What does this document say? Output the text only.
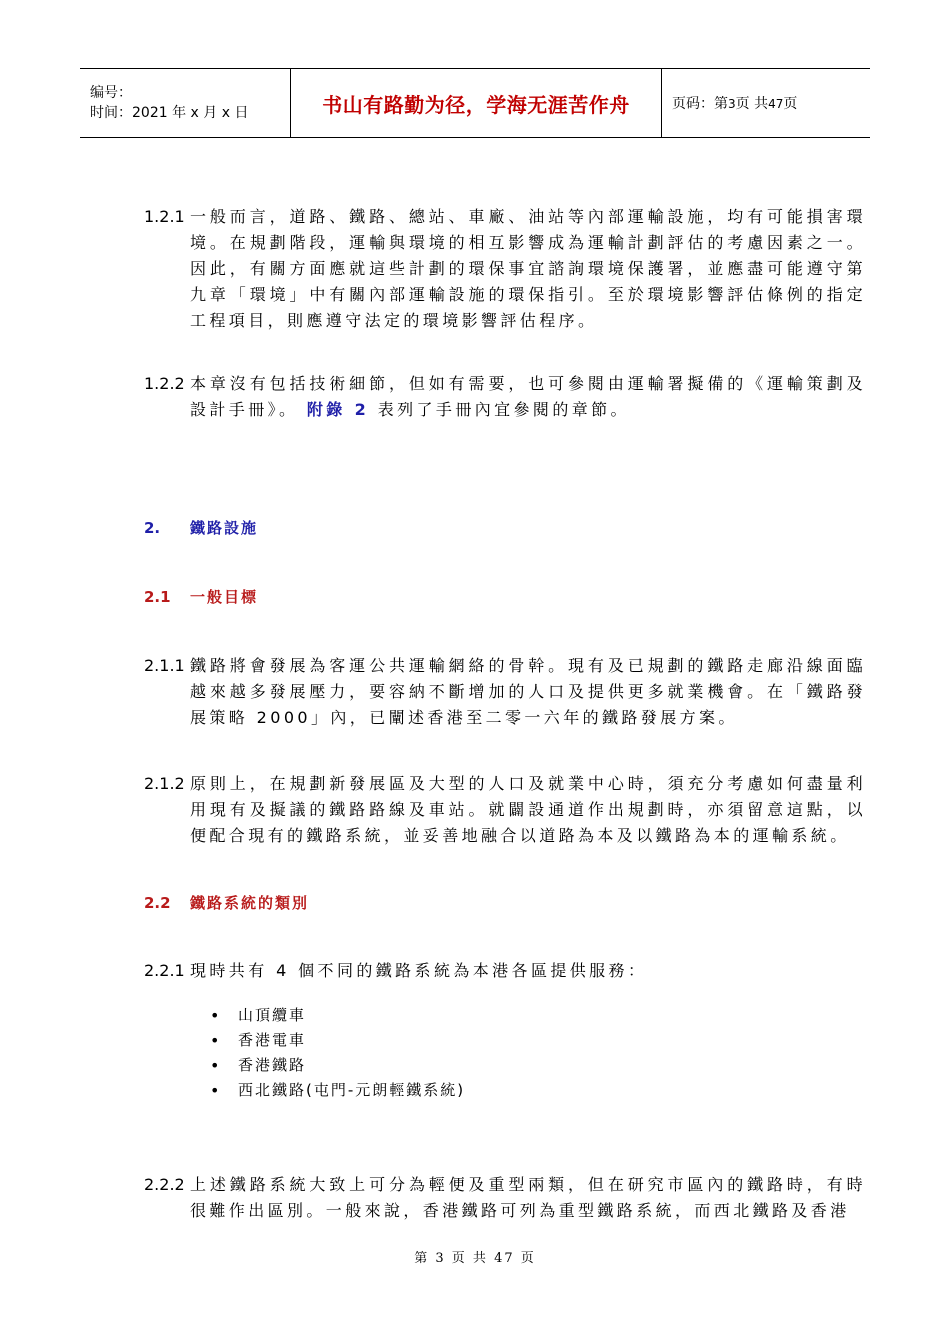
编号：
时间：2021 年 x 月 x 日	书山有路勤为径，学海无涯苦作舟	页码：第3页 共47页
1.2.1 一般而言，道路、鐵路、總站、車廠、油站等內部運輸設施，均有可能損害環境。在規劃階段，運輸與環境的相互影響成為運輸計劃評估的考慮因素之一。因此，有關方面應就這些計劃的環保事宜諮詢環境保護署，並應盡可能遵守第九章「環境」中有關內部運輸設施的環保指引。至於環境影響評估條例的指定工程項目，則應遵守法定的環境影響評估程序。
1.2.2 本章沒有包括技術細節，但如有需要，也可參閱由運輸署擬備的《運輸策劃及設計手冊》。 附錄 2 表列了手冊內宜參閱的章節。
2. 鐵路設施
2.1 一般目標
2.1.1 鐵路將會發展為客運公共運輸網絡的骨幹。現有及已規劃的鐵路走廊沿線面臨越來越多發展壓力，要容納不斷增加的人口及提供更多就業機會。在「鐵路發展策略 2000」內，已闡述香港至二零一六年的鐵路發展方案。
2.1.2 原則上，在規劃新發展區及大型的人口及就業中心時，須充分考慮如何盡量利用現有及擬議的鐵路路線及車站。就闢設通道作出規劃時，亦須留意這點，以便配合現有的鐵路系統，並妥善地融合以道路為本及以鐵路為本的運輸系統。
2.2 鐵路系統的類別
2.2.1 現時共有 4 個不同的鐵路系統為本港各區提供服務：
• 山頂纜車
• 香港電車
• 香港鐵路
• 西北鐵路(屯門-元朗輕鐵系統)
2.2.2 上述鐵路系統大致上可分為輕便及重型兩類，但在研究市區內的鐵路時，有時很難作出區別。一般來說，香港鐵路可列為重型鐵路系統，而西北鐵路及香港
第 3 页 共 47 页
